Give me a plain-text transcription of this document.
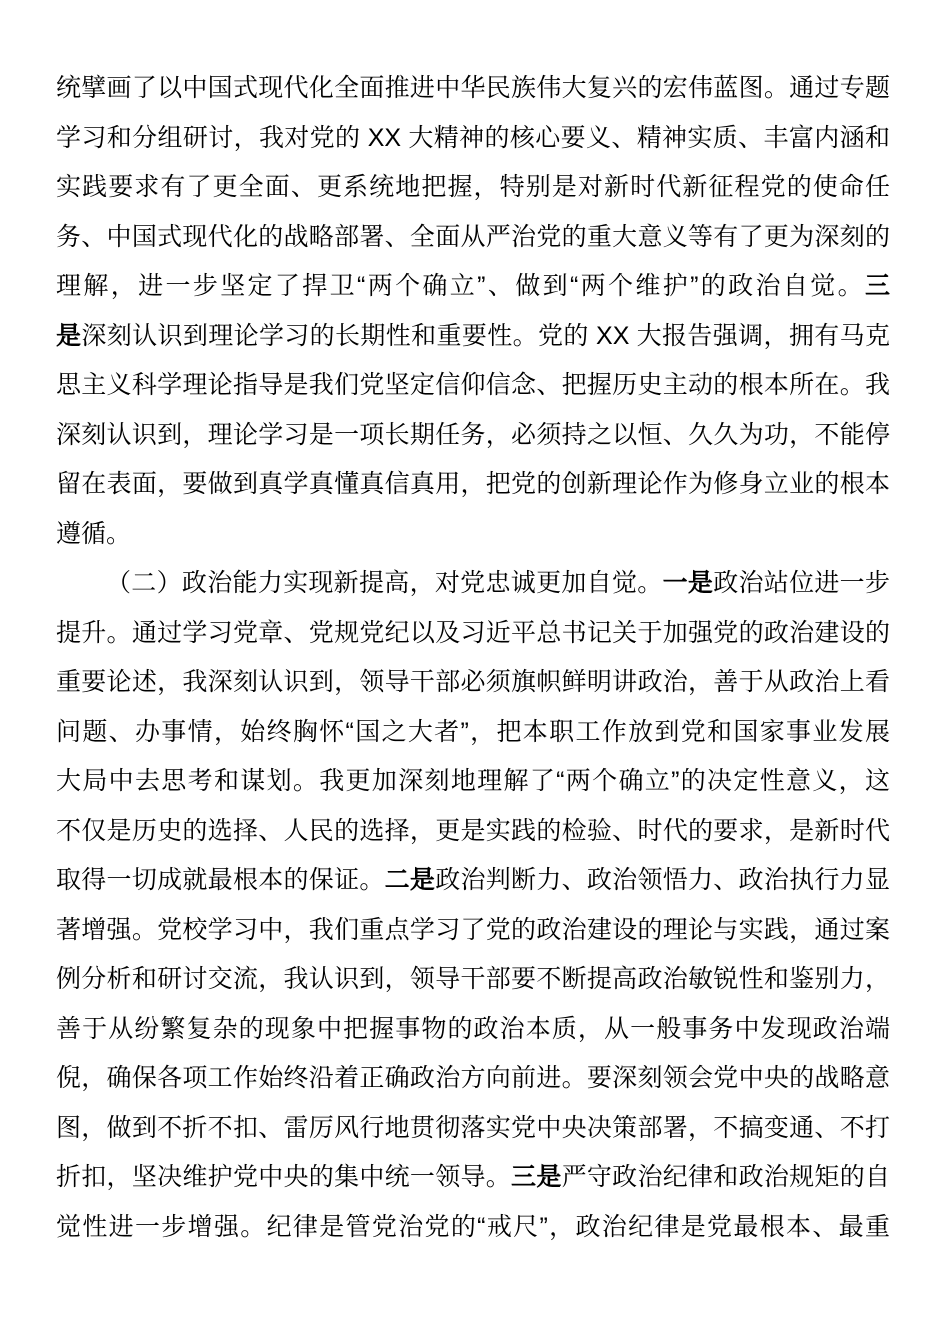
统擘画了以中国式现代化全面推进中华民族伟大复兴的宏伟蓝图。通过专题
学习和分组研讨，我对党的 XX 大精神的核心要义、精神实质、丰富内涵和
实践要求有了更全面、更系统地把握，特别是对新时代新征程党的使命任
务、中国式现代化的战略部署、全面从严治党的重大意义等有了更为深刻的
理解，进一步坚定了捍卫“两个确立”、做到“两个维护”的政治自觉。三
是深刻认识到理论学习的长期性和重要性。党的 XX 大报告强调，拥有马克
思主义科学理论指导是我们党坚定信仰信念、把握历史主动的根本所在。我
深刻认识到，理论学习是一项长期任务，必须持之以恒、久久为功，不能停
留在表面，要做到真学真懂真信真用，把党的创新理论作为修身立业的根本
遵循。
（二）政治能力实现新提高，对党忠诚更加自觉。一是政治站位进一步
提升。通过学习党章、党规党纪以及习近平总书记关于加强党的政治建设的
重要论述，我深刻认识到，领导干部必须旗帜鲜明讲政治，善于从政治上看
问题、办事情，始终胸怀“国之大者”，把本职工作放到党和国家事业发展
大局中去思考和谋划。我更加深刻地理解了“两个确立”的决定性意义，这
不仅是历史的选择、人民的选择，更是实践的检验、时代的要求，是新时代
取得一切成就最根本的保证。二是政治判断力、政治领悟力、政治执行力显
著增强。党校学习中，我们重点学习了党的政治建设的理论与实践，通过案
例分析和研讨交流，我认识到，领导干部要不断提高政治敏锐性和鉴别力，
善于从纷繁复杂的现象中把握事物的政治本质，从一般事务中发现政治端
倪，确保各项工作始终沿着正确政治方向前进。要深刻领会党中央的战略意
图，做到不折不扣、雷厉风行地贯彻落实党中央决策部署，不搞变通、不打
折扣，坚决维护党中央的集中统一领导。三是严守政治纪律和政治规矩的自
觉性进一步增强。纪律是管党治党的“戒尺”，政治纪律是党最根本、最重
